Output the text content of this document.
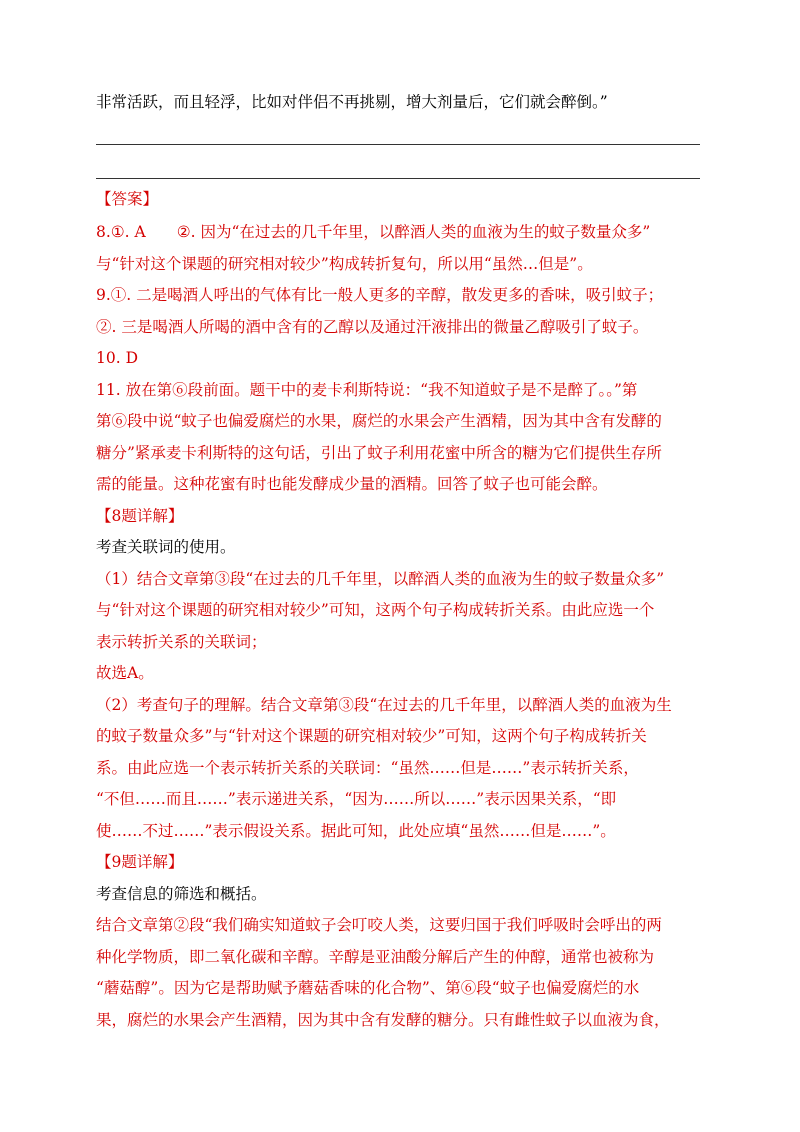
非常活跃，而且轻浮，比如对伴侣不再挑剔，增大剂量后，它们就会醉倒。”
【答案】
8.①. A　　②. 因为“在过去的几千年里，以醉酒人类的血液为生的蚊子数量众多”
与“针对这个课题的研究相对较少”构成转折复句，所以用“虽然…但是”。
9.①. 二是喝酒人呼出的气体有比一般人更多的辛醇，散发更多的香味，吸引蚊子；
②. 三是喝酒人所喝的酒中含有的乙醇以及通过汗液排出的微量乙醇吸引了蚊子。
10. D
11. 放在第⑥段前面。题干中的麦卡利斯特说：“我不知道蚊子是不是醉了。。”第
第⑥段中说“蚊子也偏爱腐烂的水果，腐烂的水果会产生酒精，因为其中含有发酵的
糖分”紧承麦卡利斯特的这句话，引出了蚊子利用花蜜中所含的糖为它们提供生存所
需的能量。这种花蜜有时也能发酵成少量的酒精。回答了蚊子也可能会醉。
【8题详解】
考查关联词的使用。
（1）结合文章第③段“在过去的几千年里，以醉酒人类的血液为生的蚊子数量众多”
与“针对这个课题的研究相对较少”可知，这两个句子构成转折关系。由此应选一个
表示转折关系的关联词；
故选A。
（2）考查句子的理解。结合文章第③段“在过去的几千年里，以醉酒人类的血液为生
的蚊子数量众多”与“针对这个课题的研究相对较少”可知，这两个句子构成转折关
系。由此应选一个表示转折关系的关联词：“虽然……但是……”表示转折关系，
“不但……而且……”表示递进关系，“因为……所以……”表示因果关系，“即
使……不过……”表示假设关系。据此可知，此处应填“虽然……但是……”。
【9题详解】
考查信息的筛选和概括。
结合文章第②段“我们确实知道蚊子会叮咬人类，这要归国于我们呼吸时会呼出的两
种化学物质，即二氧化碳和辛醇。辛醇是亚油酸分解后产生的仲醇，通常也被称为
“蘑菇醇”。因为它是帮助赋予蘑菇香味的化合物”、第⑥段“蚊子也偏爱腐烂的水
果，腐烂的水果会产生酒精，因为其中含有发酵的糖分。只有雌性蚊子以血液为食，
